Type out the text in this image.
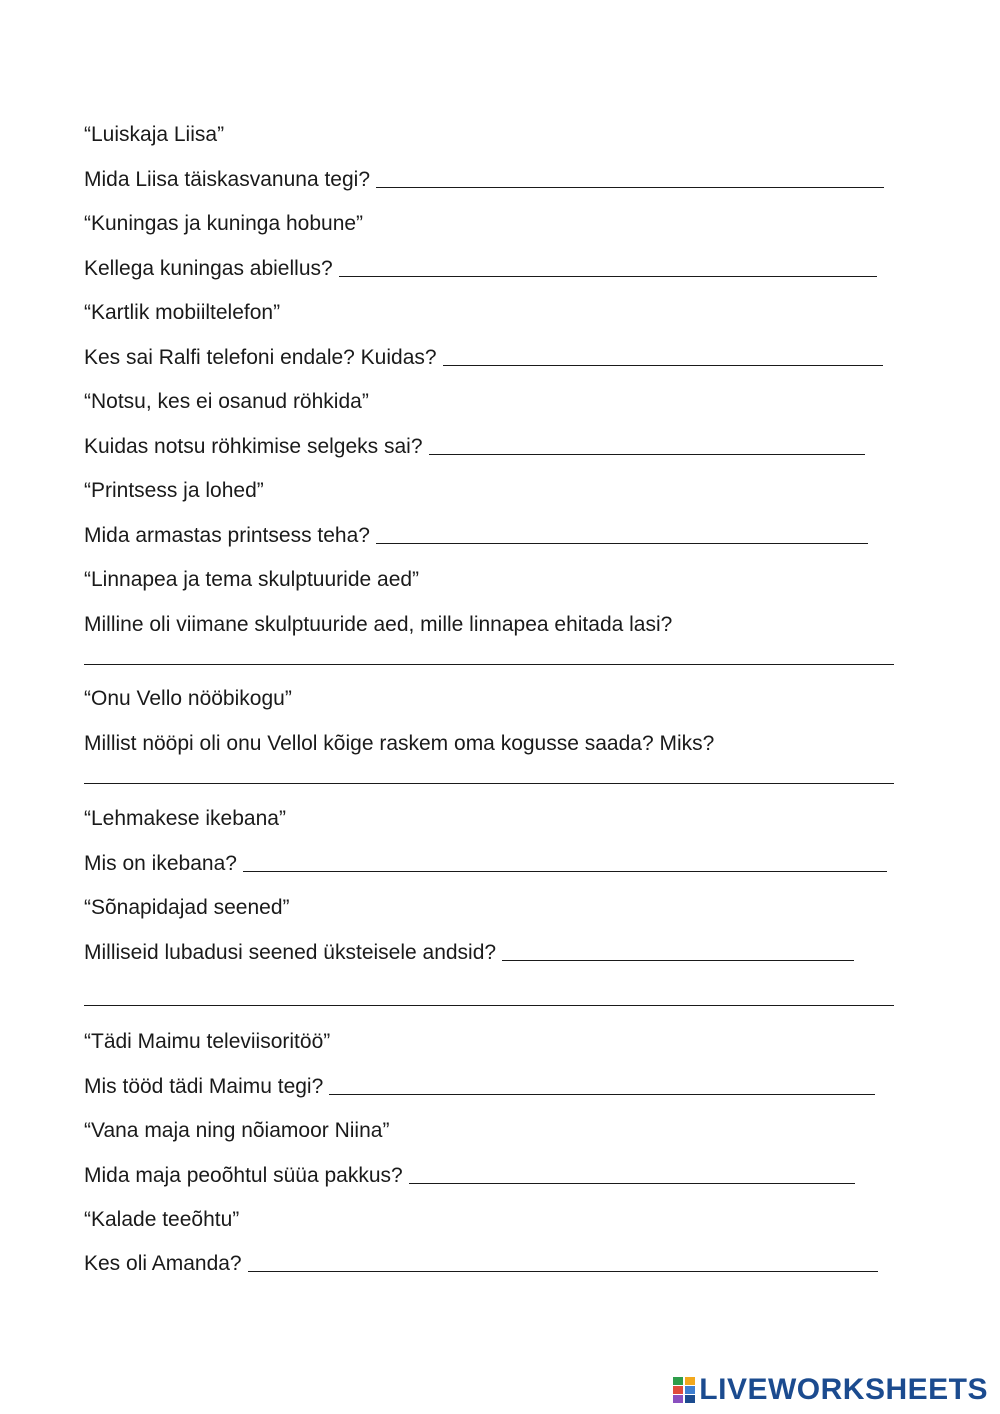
“Luiskaja Liisa”
Mida Liisa täiskasvanuna tegi?
“Kuningas ja kuninga hobune”
Kellega kuningas abiellus?
“Kartlik mobiiltelefon”
Kes sai Ralfi telefoni endale? Kuidas?
“Notsu, kes ei osanud röhkida”
Kuidas notsu röhkimise selgeks sai?
“Printsess ja lohed”
Mida armastas printsess teha?
“Linnapea ja tema skulptuuride aed”
Milline oli viimane skulptuuride aed, mille linnapea ehitada lasi?
“Onu Vello nööbikogu”
Millist nööpi oli onu Vellol kõige raskem oma kogusse saada? Miks?
“Lehmakese ikebana”
Mis on ikebana?
“Sõnapidajad seened”
Milliseid lubadusi seened üksteisele andsid?
“Tädi Maimu televiisoritöö”
Mis tööd tädi Maimu tegi?
“Vana maja ning nõiamoor Niina”
Mida maja peoõhtul süüa pakkus?
“Kalade teeõhtu”
Kes oli Amanda?
LIVEWORKSHEETS
